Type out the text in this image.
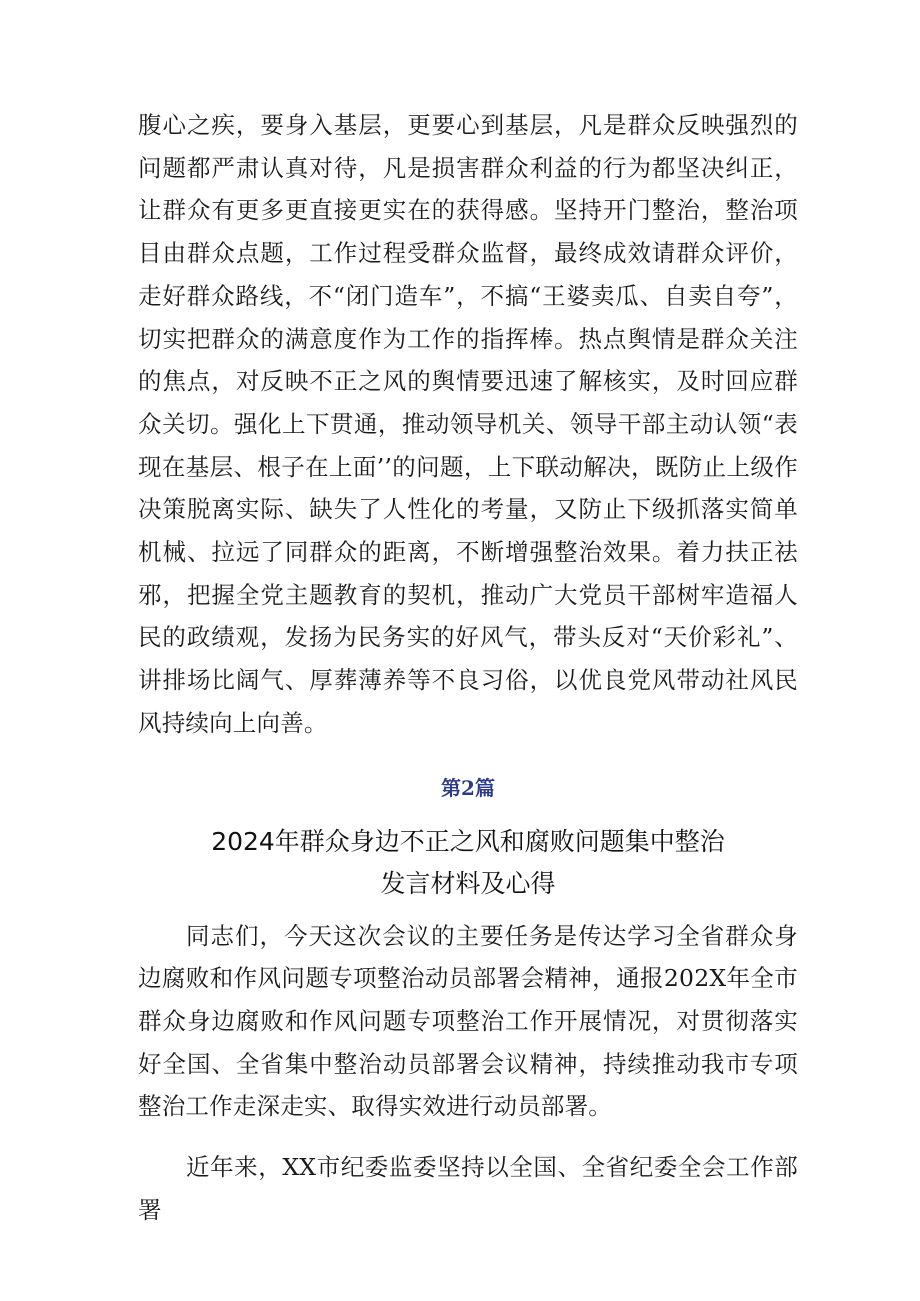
腹心之疾，要身入基层，更要心到基层，凡是群众反映强烈的问题都严肃认真对待，凡是损害群众利益的行为都坚决纠正，让群众有更多更直接更实在的获得感。坚持开门整治，整治项目由群众点题，工作过程受群众监督，最终成效请群众评价，走好群众路线，不“闭门造车”，不搞“王婆卖瓜、自卖自夸”，切实把群众的满意度作为工作的指挥棒。热点舆情是群众关注的焦点，对反映不正之风的舆情要迅速了解核实，及时回应群众关切。强化上下贯通，推动领导机关、领导干部主动认领“表现在基层、根子在上面’’的问题，上下联动解决，既防止上级作决策脱离实际、缺失了人性化的考量，又防止下级抓落实简单机械、拉远了同群众的距离，不断增强整治效果。着力扶正祛邪，把握全党主题教育的契机，推动广大党员干部树牢造福人民的政绩观，发扬为民务实的好风气，带头反对“天价彩礼”、讲排场比阔气、厚葬薄养等不良习俗，以优良党风带动社风民风持续向上向善。

第2篇
2024年群众身边不正之风和腐败问题集中整治
发言材料及心得

同志们，今天这次会议的主要任务是传达学习全省群众身边腐败和作风问题专项整治动员部署会精神，通报202X年全市群众身边腐败和作风问题专项整治工作开展情况，对贯彻落实好全国、全省集中整治动员部署会议精神，持续推动我市专项整治工作走深走实、取得实效进行动员部署。

近年来，XX市纪委监委坚持以全国、全省纪委全会工作部署
